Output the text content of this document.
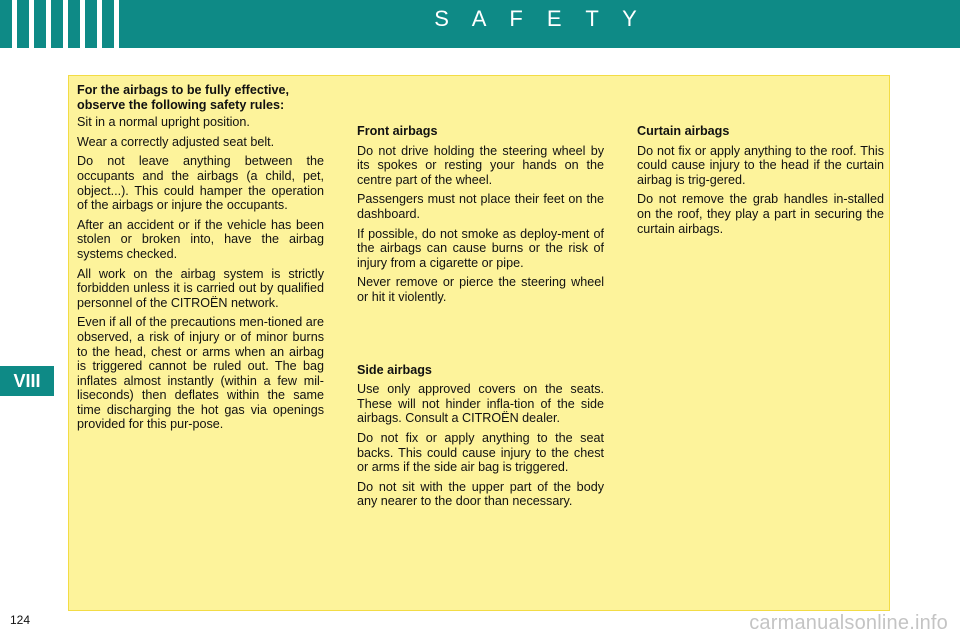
S A F E T Y
VIII
For the airbags to be fully effective, observe the following safety rules:

Sit in a normal upright position.

Wear a correctly adjusted seat belt.

Do not leave anything between the occupants and the airbags (a child, pet, object...). This could hamper the operation of the airbags or injure the occupants.

After an accident or if the vehicle has been stolen or broken into, have the airbag systems checked.

All work on the airbag system is strictly forbidden unless it is carried out by qualified personnel of the CITROËN network.

Even if all of the precautions men-tioned are observed, a risk of injury or of minor burns to the head, chest or arms when an airbag is triggered cannot be ruled out. The bag inflates almost instantly (within a few mil-liseconds) then deflates within the same time discharging the hot gas via openings provided for this pur-pose.

Front airbags

Do not drive holding the steering wheel by its spokes or resting your hands on the centre part of the wheel.

Passengers must not place their feet on the dashboard.

If possible, do not smoke as deploy-ment of the airbags can cause burns or the risk of injury from a cigarette or pipe.

Never remove or pierce the steering wheel or hit it violently.

Side airbags

Use only approved covers on the seats. These will not hinder infla-tion of the side airbags. Consult a CITROËN dealer.

Do not fix or apply anything to the seat backs. This could cause injury to the chest or arms if the side air bag is triggered.

Do not sit with the upper part of the body any nearer to the door than necessary.

Curtain airbags

Do not fix or apply anything to the roof. This could cause injury to the head if the curtain airbag is trig-gered.

Do not remove the grab handles in-stalled on the roof, they play a part in securing the curtain airbags.

124	carmanualsonline.info
